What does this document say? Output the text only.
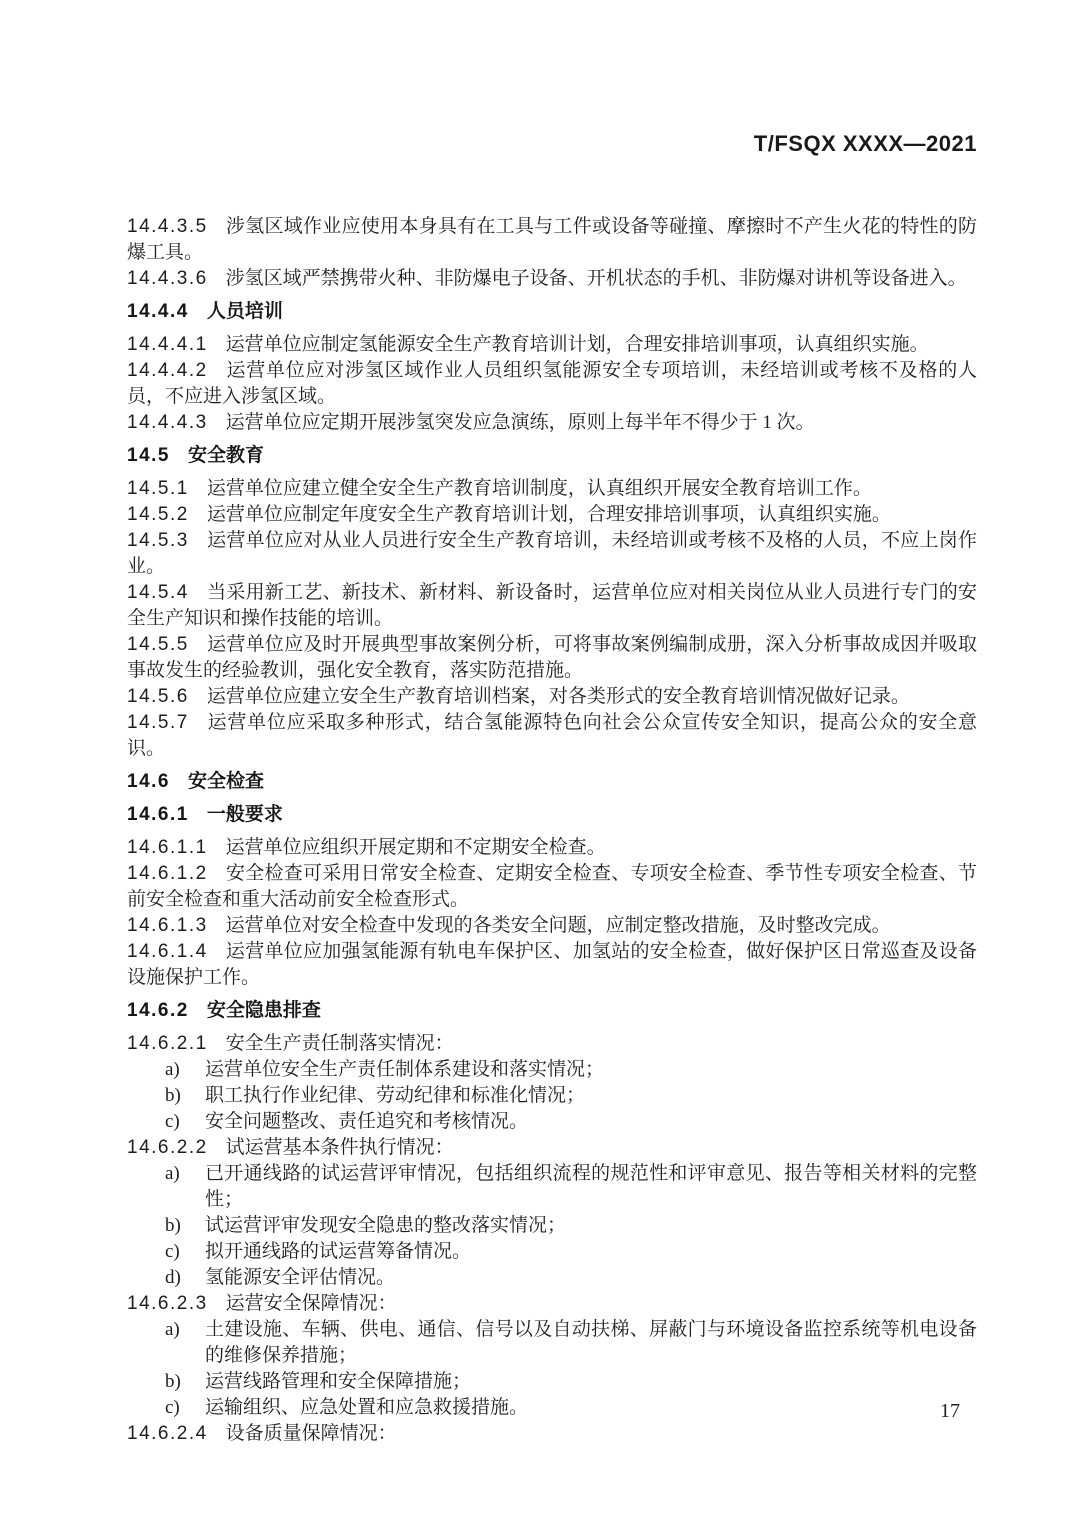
T/FSQX XXXX—2021

14.4.3.5 涉氢区域作业应使用本身具有在工具与工件或设备等碰撞、摩擦时不产生火花的特性的防爆工具。

14.4.3.6 涉氢区域严禁携带火种、非防爆电子设备、开机状态的手机、非防爆对讲机等设备进入。

14.4.4 人员培训

14.4.4.1 运营单位应制定氢能源安全生产教育培训计划，合理安排培训事项，认真组织实施。

14.4.4.2 运营单位应对涉氢区域作业人员组织氢能源安全专项培训，未经培训或考核不及格的人员，不应进入涉氢区域。

14.4.4.3 运营单位应定期开展涉氢突发应急演练，原则上每半年不得少于 1 次。

14.5 安全教育

14.5.1 运营单位应建立健全安全生产教育培训制度，认真组织开展安全教育培训工作。

14.5.2 运营单位应制定年度安全生产教育培训计划，合理安排培训事项，认真组织实施。

14.5.3 运营单位应对从业人员进行安全生产教育培训，未经培训或考核不及格的人员，不应上岗作业。

14.5.4 当采用新工艺、新技术、新材料、新设备时，运营单位应对相关岗位从业人员进行专门的安全生产知识和操作技能的培训。

14.5.5 运营单位应及时开展典型事故案例分析，可将事故案例编制成册，深入分析事故成因并吸取事故发生的经验教训，强化安全教育，落实防范措施。

14.5.6 运营单位应建立安全生产教育培训档案，对各类形式的安全教育培训情况做好记录。

14.5.7 运营单位应采取多种形式，结合氢能源特色向社会公众宣传安全知识，提高公众的安全意识。

14.6 安全检查

14.6.1 一般要求

14.6.1.1 运营单位应组织开展定期和不定期安全检查。

14.6.1.2 安全检查可采用日常安全检查、定期安全检查、专项安全检查、季节性专项安全检查、节前安全检查和重大活动前安全检查形式。

14.6.1.3 运营单位对安全检查中发现的各类安全问题，应制定整改措施，及时整改完成。

14.6.1.4 运营单位应加强氢能源有轨电车保护区、加氢站的安全检查，做好保护区日常巡查及设备设施保护工作。

14.6.2 安全隐患排查

14.6.2.1 安全生产责任制落实情况：

a)	运营单位安全生产责任制体系建设和落实情况；
b)	职工执行作业纪律、劳动纪律和标准化情况；
c)	安全问题整改、责任追究和考核情况。

14.6.2.2 试运营基本条件执行情况：

a)	已开通线路的试运营评审情况，包括组织流程的规范性和评审意见、报告等相关材料的完整性；
b)	试运营评审发现安全隐患的整改落实情况；
c)	拟开通线路的试运营筹备情况。
d)	氢能源安全评估情况。

14.6.2.3 运营安全保障情况：

a)	土建设施、车辆、供电、通信、信号以及自动扶梯、屏蔽门与环境设备监控系统等机电设备的维修保养措施；
b)	运营线路管理和安全保障措施；
c)	运输组织、应急处置和应急救援措施。

14.6.2.4 设备质量保障情况：

17
